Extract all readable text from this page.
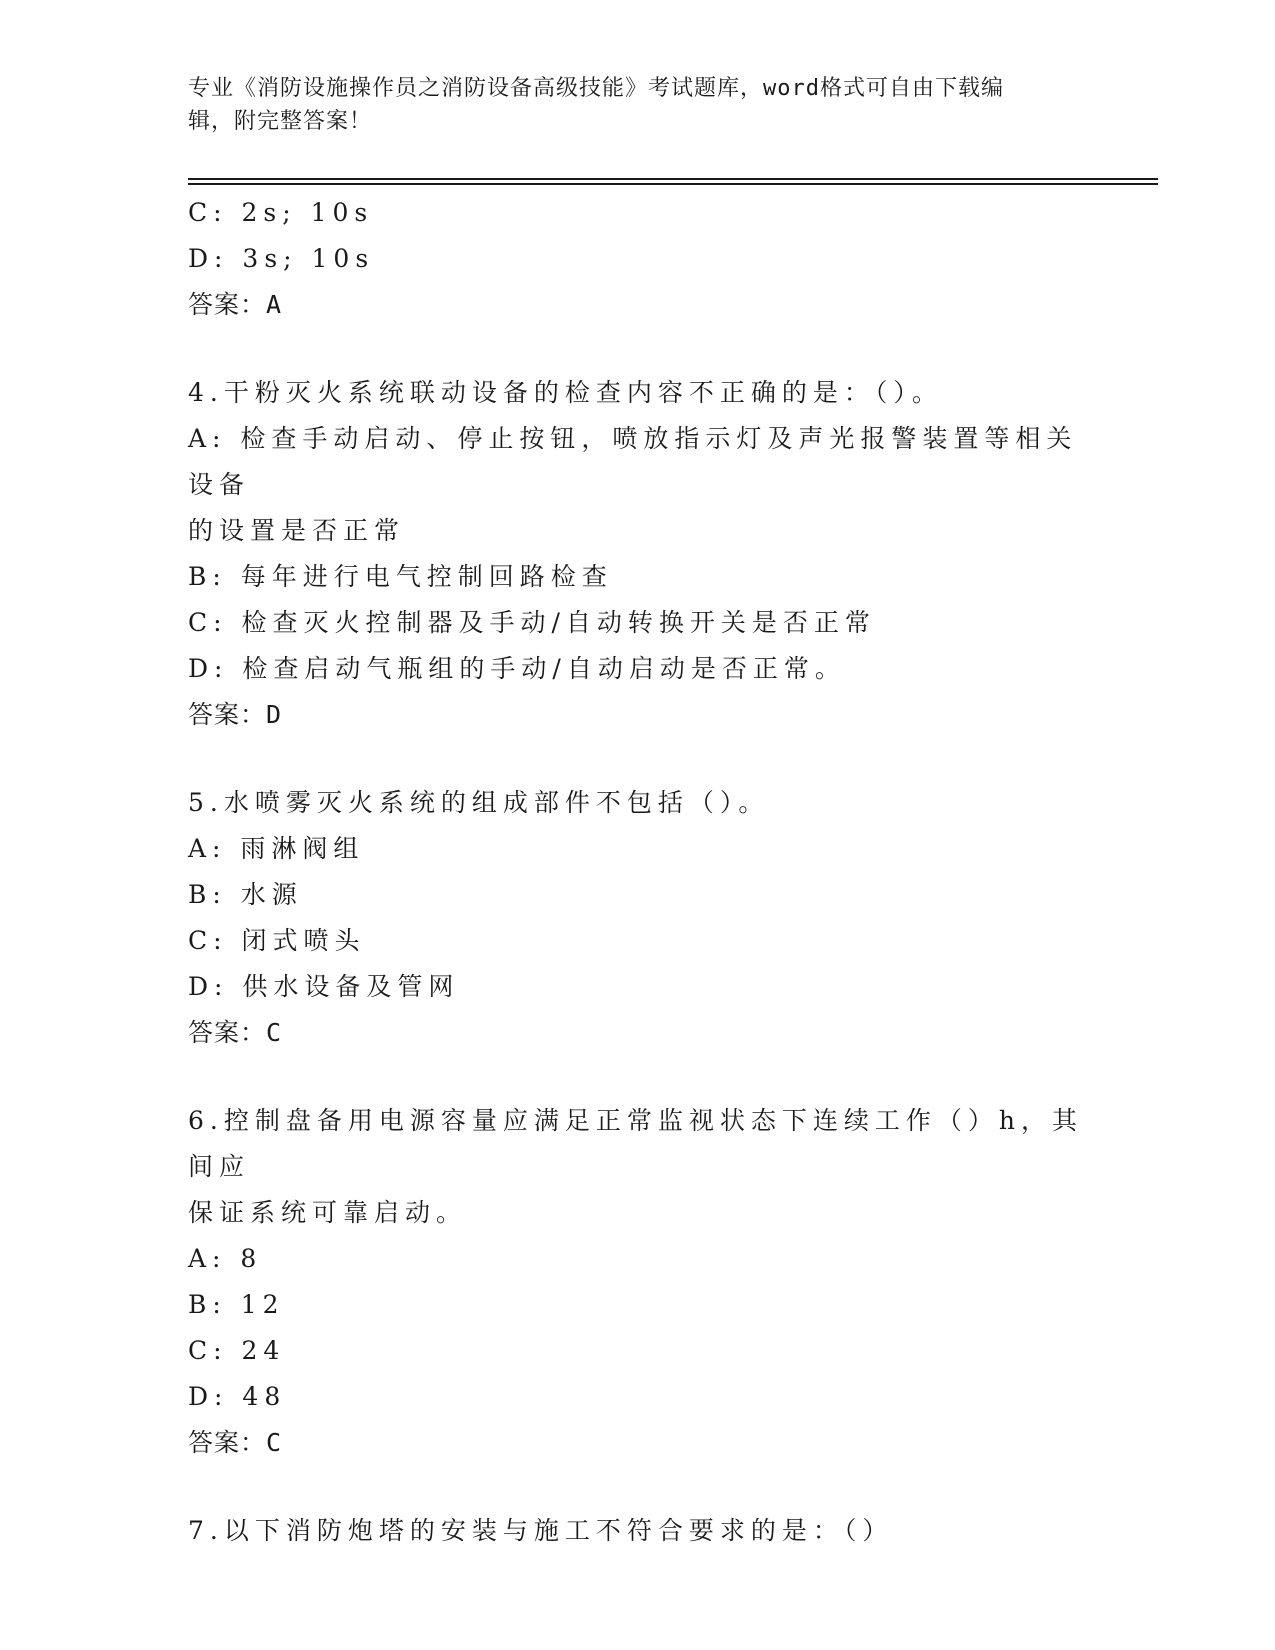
专业《消防设施操作员之消防设备高级技能》考试题库，word格式可自由下载编
辑，附完整答案！

C: 2s; 10s

D: 3s; 10s

答案：A

4.干粉灭火系统联动设备的检查内容不正确的是：（）。

A: 检查手动启动、停止按钮，喷放指示灯及声光报警装置等相关设备

的设置是否正常

B: 每年进行电气控制回路检查

C: 检查灭火控制器及手动/自动转换开关是否正常

D: 检查启动气瓶组的手动/自动启动是否正常。

答案：D

5.水喷雾灭火系统的组成部件不包括（）。

A: 雨淋阀组

B: 水源

C: 闭式喷头

D: 供水设备及管网

答案：C

6.控制盘备用电源容量应满足正常监视状态下连续工作（）h，其间应

保证系统可靠启动。

A: 8

B: 12

C: 24

D: 48

答案：C

7.以下消防炮塔的安装与施工不符合要求的是：（）
